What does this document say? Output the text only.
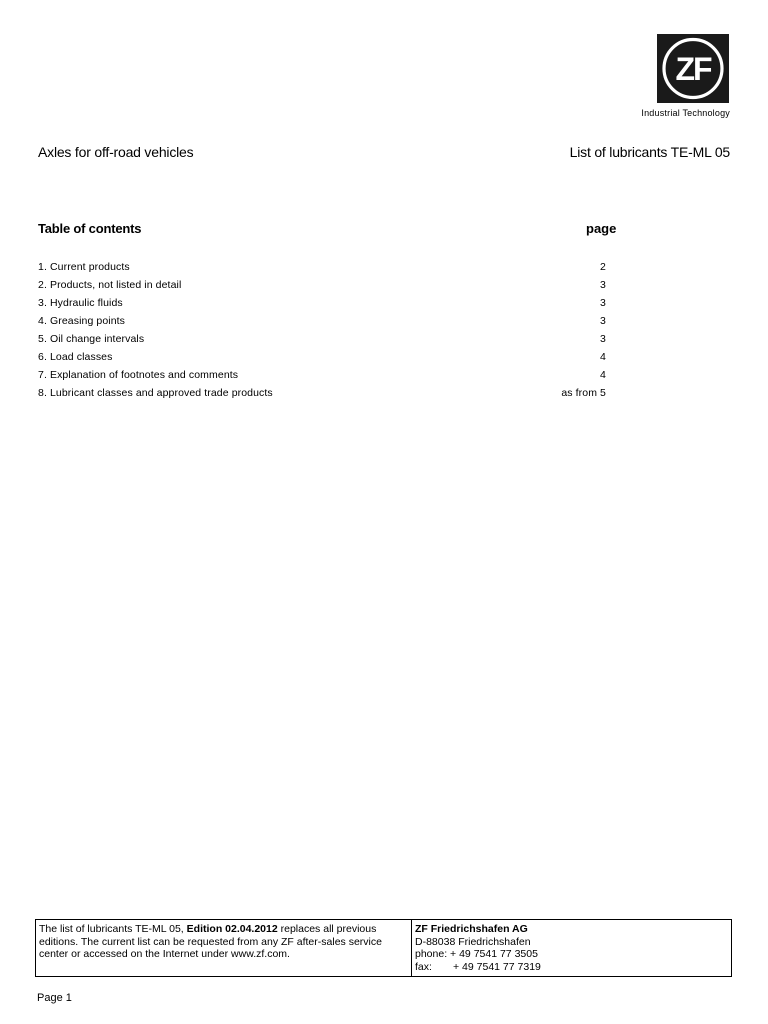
ZF
Industrial Technology
Axles for off-road vehicles	List of lubricants TE-ML 05
Table of contents	page
1. Current products	2
2. Products, not listed in detail	3
3. Hydraulic fluids	3
4. Greasing points	3
5. Oil change intervals	3
6. Load classes	4
7. Explanation of footnotes and comments	4
8. Lubricant classes and approved trade products	as from 5
The list of lubricants TE-ML 05, Edition 02.04.2012 replaces all previous editions. The current list can be requested from any ZF after-sales service center or accessed on the Internet under www.zf.com.
ZF Friedrichshafen AG
D-88038 Friedrichshafen
phone: + 49 7541 77 3505
fax: + 49 7541 77 7319
Page 1
